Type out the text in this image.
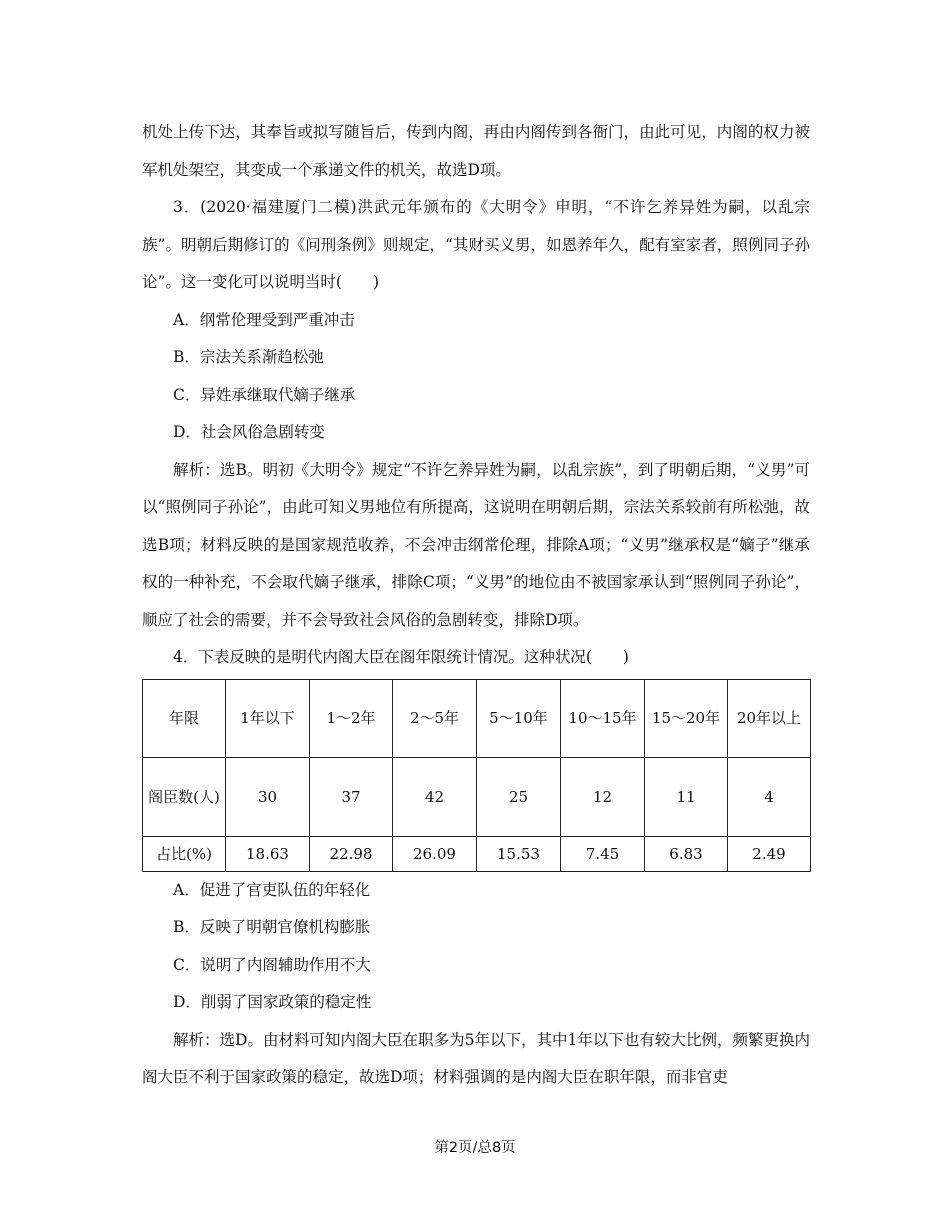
机处上传下达，其奉旨或拟写随旨后，传到内阁，再由内阁传到各衙门，由此可见，内阁的权力被军机处架空，其变成一个承递文件的机关，故选D项。

3．(2020·福建厦门二模)洪武元年颁布的《大明令》申明，“不许乞养异姓为嗣，以乱宗族”。明朝后期修订的《问刑条例》则规定，“其财买义男，如恩养年久，配有室家者，照例同子孙论”。这一变化可以说明当时(　　)

A．纲常伦理受到严重冲击

B．宗法关系渐趋松弛

C．异姓承继取代嫡子继承

D．社会风俗急剧转变

解析：选B。明初《大明令》规定“不许乞养异姓为嗣，以乱宗族”，到了明朝后期，“义男”可以“照例同子孙论”，由此可知义男地位有所提高，这说明在明朝后期，宗法关系较前有所松弛，故选B项；材料反映的是国家规范收养，不会冲击纲常伦理，排除A项；“义男”继承权是“嫡子”继承权的一种补充，不会取代嫡子继承，排除C项；“义男”的地位由不被国家承认到“照例同子孙论”，顺应了社会的需要，并不会导致社会风俗的急剧转变，排除D项。

4．下表反映的是明代内阁大臣在阁年限统计情况。这种状况(　　)

年限	1年以下	1～2年	2～5年	5～10年	10～15年	15～20年	20年以上
阁臣数(人)	30	37	42	25	12	11	4
占比(%)	18.63	22.98	26.09	15.53	7.45	6.83	2.49

A．促进了官吏队伍的年轻化

B．反映了明朝官僚机构膨胀

C．说明了内阁辅助作用不大

D．削弱了国家政策的稳定性

解析：选D。由材料可知内阁大臣在职多为5年以下，其中1年以下也有较大比例，频繁更换内阁大臣不利于国家政策的稳定，故选D项；材料强调的是内阁大臣在职年限，而非官吏

第2页/总8页
